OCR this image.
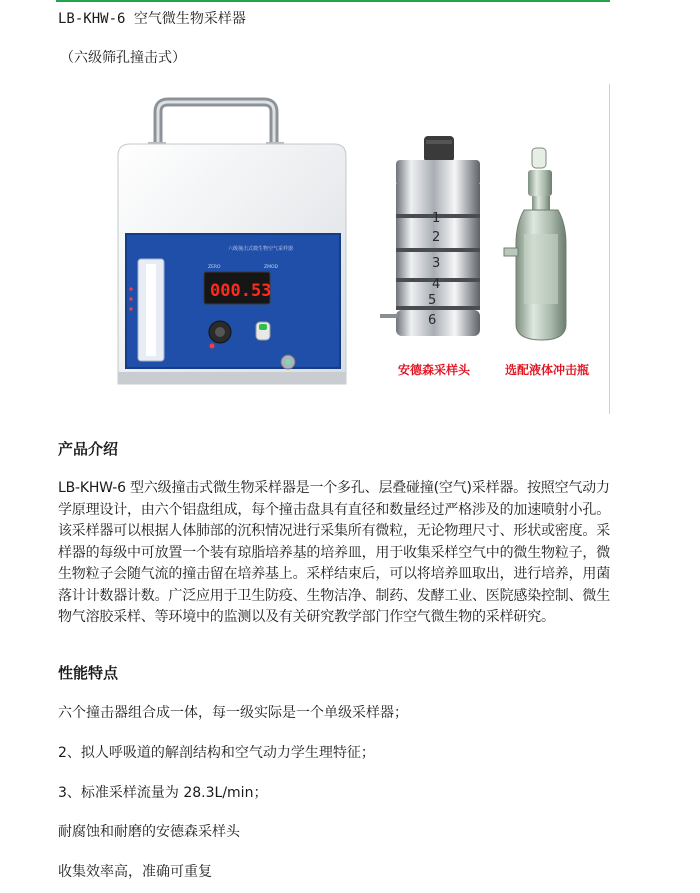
LB-KHW-6 空气微生物采样器
（六级筛孔撞击式）
六级撞击式微生物空气采样器
ZERO	ZMOD
000.53
1
2
3
4
5
6
安德森采样头	选配液体冲击瓶
产品介绍
LB-KHW-6 型六级撞击式微生物采样器是一个多孔、层叠碰撞(空气)采样器。按照空气动力学原理设计，由六个铝盘组成，每个撞击盘具有直径和数量经过严格涉及的加速喷射小孔。该采样器可以根据人体肺部的沉积情况进行采集所有微粒，无论物理尺寸、形状或密度。采样器的每级中可放置一个装有琼脂培养基的培养皿，用于收集采样空气中的微生物粒子，微生物粒子会随气流的撞击留在培养基上。采样结束后，可以将培养皿取出，进行培养，用菌落计计数器计数。广泛应用于卫生防疫、生物洁净、制药、发酵工业、医院感染控制、微生物气溶胶采样、等环境中的监测以及有关研究教学部门作空气微生物的采样研究。
性能特点
六个撞击器组合成一体，每一级实际是一个单级采样器；
2、拟人呼吸道的解剖结构和空气动力学生理特征；
3、标准采样流量为 28.3L/min；
耐腐蚀和耐磨的安德森采样头
收集效率高，准确可重复
